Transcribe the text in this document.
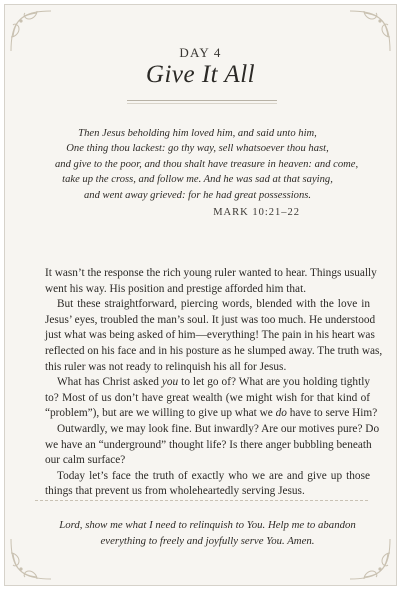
DAY 4
Give It All
Then Jesus beholding him loved him, and said unto him,
One thing thou lackest: go thy way, sell whatsoever thou hast,
and give to the poor, and thou shalt have treasure in heaven: and come,
take up the cross, and follow me. And he was sad at that saying,
and went away grieved: for he had great possessions.
MARK 10:21–22
It wasn’t the response the rich young ruler wanted to hear. Things usually
went his way. His position and prestige afforded him that.
But these straightforward, piercing words, blended with the love in
Jesus’ eyes, troubled the man’s soul. It just was too much. He understood
just what was being asked of him—everything! The pain in his heart was
reflected on his face and in his posture as he slumped away. The truth was,
this ruler was not ready to relinquish his all for Jesus.
What has Christ asked you to let go of? What are you holding tightly
to? Most of us don’t have great wealth (we might wish for that kind of
“problem”), but are we willing to give up what we do have to serve Him?
Outwardly, we may look fine. But inwardly? Are our motives pure? Do
we have an “underground” thought life? Is there anger bubbling beneath
our calm surface?
Today let’s face the truth of exactly who we are and give up those
things that prevent us from wholeheartedly serving Jesus.
Lord, show me what I need to relinquish to You. Help me to abandon
everything to freely and joyfully serve You. Amen.
